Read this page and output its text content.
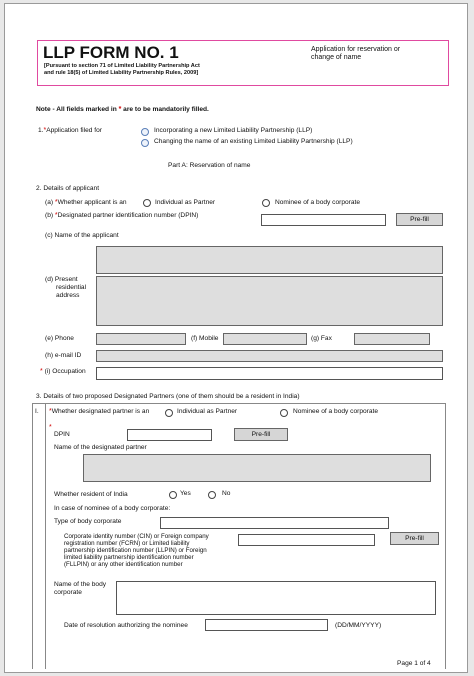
LLP FORM NO. 1
[Pursuant to section 71 of Limited Liability Partnership Act
and rule 18(5) of Limited Liability Partnership Rules, 2009]
Application for reservation or
change of name
Note - All fields marked in * are to be mandatorily filled.
1.*Application filed for	Incorporating a new Limited Liability Partnership (LLP)
Changing the name of an existing Limited Liability Partnership (LLP)
Part A: Reservation of name
2. Details of applicant
(a) *Whether applicant is an	Individual as Partner	Nominee of a body corporate
(b) *Designated partner identification number (DPIN)
Pre-fill
(c) Name of the applicant
(d) Present
residential
address
(e) Phone	(f) Mobile	(g) Fax
(h) e-mail ID
* (i) Occupation
3. Details of two proposed Designated Partners (one of them should be a resident in India)
I. *Whether designated partner is an	Individual as Partner	Nominee of a body corporate
*
DPIN	Pre-fill
Name of the designated partner
Whether resident of India	Yes	No
In case of nominee of a body corporate:
Type of body corporate
Corporate identity number (CIN) or Foreign company
registration number (FCRN) or Limited liability
partnership identification number (LLPIN) or Foreign
limited liability partnership identification number
(FLLPIN) or any other identification number
Pre-fill
Name of the body
corporate
Date of resolution authorizing the nominee	(DD/MM/YYYY)
Page 1 of 4
